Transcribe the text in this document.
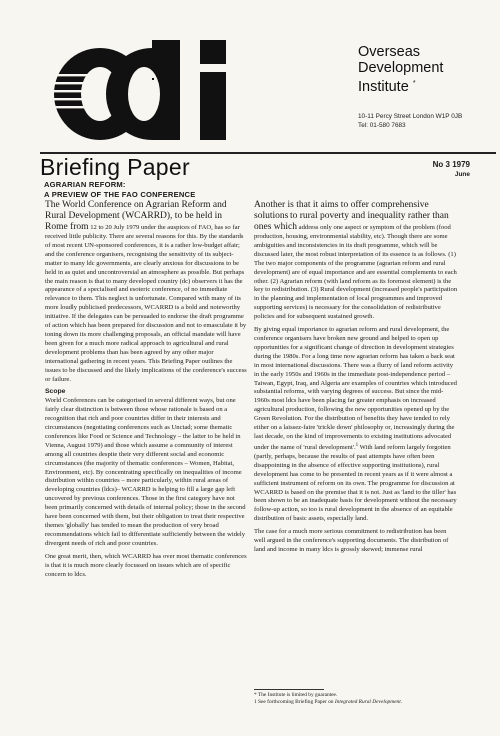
Overseas
Development
Institute *
10-11 Percy Street London W1P 0JB
Tel: 01-580 7683
Briefing Paper	No 3 1979
June
AGRARIAN REFORM:
A PREVIEW OF THE FAO CONFERENCE

The World Conference on Agrarian Reform and Rural Development (WCARRD), to be held in Rome from 12 to 20 July 1979 under the auspices of FAO, has so far received little publicity. There are several reasons for this. By the standards of most recent UN-sponsored conferences, it is a rather low-budget affair; and the conference organisers, recognising the sensitivity of its subject-matter to many ldc governments, are clearly anxious for discussions to be held in as quiet and uncontroversial an atmosphere as possible. But perhaps the main reason is that to many developed country (dc) observers it has the appearance of a specialised and esoteric conference, of no immediate relevance to them. This neglect is unfortunate. Compared with many of its more loudly publicised predecessors, WCARRD is a bold and noteworthy initiative. If the delegates can be persuaded to endorse the draft programme of action which has been prepared for discussion and not to emasculate it by toning down its more challenging proposals, an official mandate will have been given for a much more radical approach to agricultural and rural development problems than has been agreed by any other major international gathering in recent years. This Briefing Paper outlines the issues to be discussed and the likely implications of the conference's success or failure.

Scope

World Conferences can be categorised in several different ways, but one fairly clear distinction is between those whose rationale is based on a recognition that rich and poor countries differ in their interests and circumstances (negotiating conferences such as Unctad; some thematic conferences like Food or Science and Technology – the latter to be held in Vienna, August 1979) and those which assume a community of interest among all countries despite their very different social and economic circumstances (the majority of thematic conferences – Women, Habitat, Environment, etc). By concentrating specifically on inequalities of income distribution within countries – more particularly, within rural areas of developing countries (ldcs)– WCARRD is helping to fill a large gap left uncovered by previous conferences. Those in the first category have not been primarily concerned with details of internal policy; those in the second have been concerned with them, but their obligation to treat their respective themes 'globally' has tended to mean the production of very broad recommendations which fail to differentiate sufficiently between the widely divergent needs of rich and poor countries.

One great merit, then, which WCARRD has over most thematic conferences is that it is much more clearly focussed on issues which are of specific concern to ldcs.

Another is that it aims to offer comprehensive solutions to rural poverty and inequality rather than ones which address only one aspect or symptom of the problem (food production, housing, environmental stability, etc). Though there are some ambiguities and inconsistencies in its draft programme, which will be discussed later, the most robust interpretation of its essence is as follows. (1) The two major components of the programme (agrarian reform and rural development) are of equal importance and are essential complements to each other. (2) Agrarian reform (with land reform as its foremost element) is the key to redistribution. (3) Rural development (increased people's participation in the planning and implementation of local programmes and improved supporting services) is necessary for the consolidation of redistributive policies and for subsequent sustained growth.

By giving equal importance to agrarian reform and rural development, the conference organisers have broken new ground and helped to open up opportunities for a significant change of direction in development strategies during the 1980s. For a long time now agrarian reform has taken a back seat in most international discussions. There was a flurry of land reform activity in the early 1950s and 1960s in the immediate post-independence period – Taiwan, Egypt, Iraq, and Algeria are examples of countries which introduced substantial reforms, with varying degrees of success. But since the mid-1960s most ldcs have been placing far greater emphasis on increased agricultural production, following the new opportunities opened up by the Green Revolution. For the distribution of benefits they have tended to rely either on a laissez-faire 'trickle down' philosophy or, increasingly during the last decade, on the kind of improvements to existing institutions advocated under the name of 'rural development'.$^1$ With land reform largely forgotten (partly, perhaps, because the results of past attempts have often been disappointing in the absence of effective supporting institutions), rural development has come to be presented in recent years as if it were almost a sufficient instrument of reform on its own. The programme for discussion at WCARRD is based on the premise that it is not. Just as 'land to the tiller' has been shown to be an inadequate basis for development without the necessary follow-up action, so too is rural development in the absence of an equitable distribution of basic assets, especially land.

The case for a much more serious commitment to redistribution has been well argued in the conference's supporting documents. The distribution of land and income in many ldcs is grossly skewed; immense rural

* The Institute is limited by guarantee.
1 See forthcoming Briefing Paper on Integrated Rural Development.
